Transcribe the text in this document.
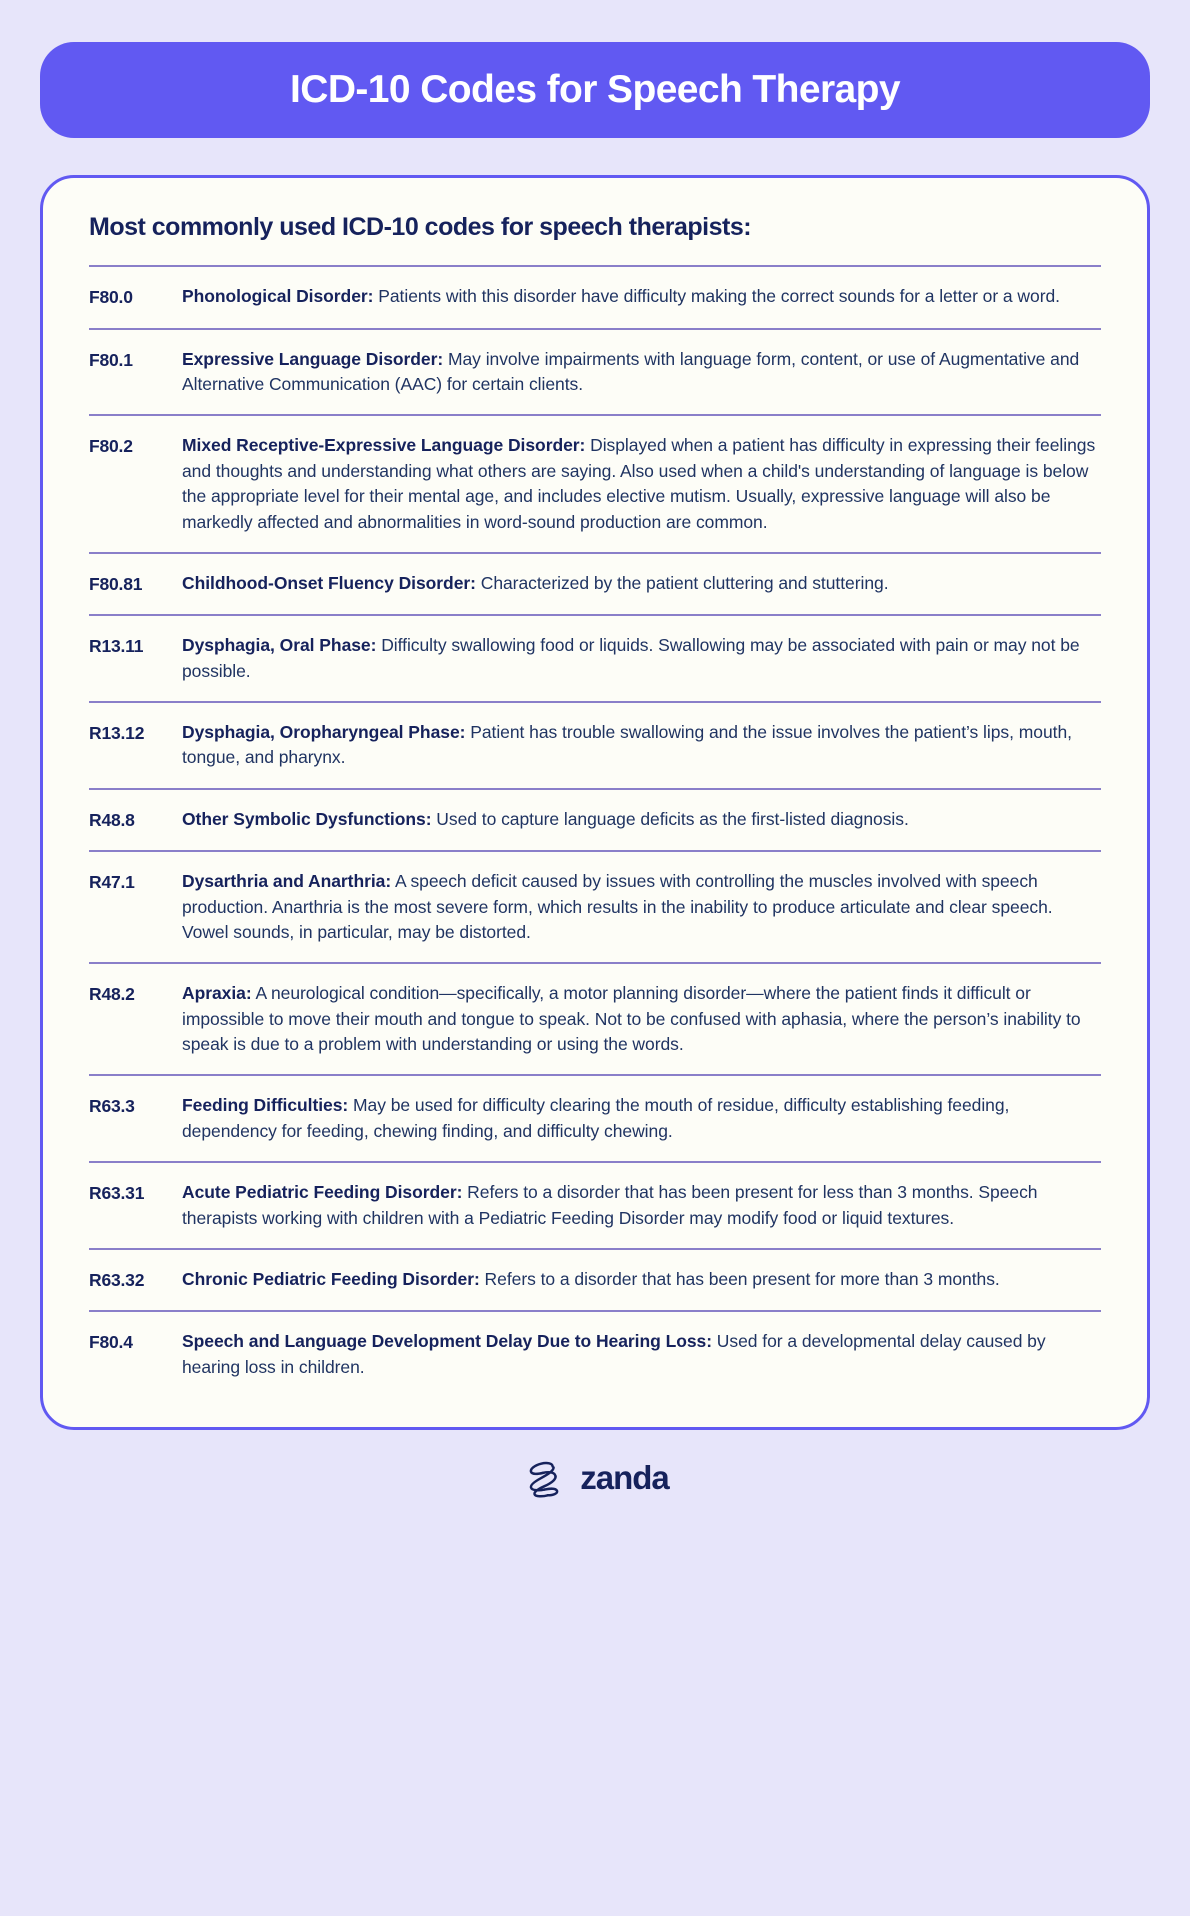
ICD-10 Codes for Speech Therapy
Most commonly used ICD-10 codes for speech therapists:
F80.0	Phonological Disorder: Patients with this disorder have difficulty making the correct sounds for a letter or a word.
F80.1	Expressive Language Disorder: May involve impairments with language form, content, or use of Augmentative and Alternative Communication (AAC) for certain clients.
F80.2	Mixed Receptive-Expressive Language Disorder: Displayed when a patient has difficulty in expressing their feelings and thoughts and understanding what others are saying. Also used when a child's understanding of language is below the appropriate level for their mental age, and includes elective mutism. Usually, expressive language will also be markedly affected and abnormalities in word-sound production are common.
F80.81	Childhood-Onset Fluency Disorder: Characterized by the patient cluttering and stuttering.
R13.11	Dysphagia, Oral Phase: Difficulty swallowing food or liquids. Swallowing may be associated with pain or may not be possible.
R13.12	Dysphagia, Oropharyngeal Phase: Patient has trouble swallowing and the issue involves the patient’s lips, mouth, tongue, and pharynx.
R48.8	Other Symbolic Dysfunctions: Used to capture language deficits as the first-listed diagnosis.
R47.1	Dysarthria and Anarthria: A speech deficit caused by issues with controlling the muscles involved with speech production. Anarthria is the most severe form, which results in the inability to produce articulate and clear speech. Vowel sounds, in particular, may be distorted.
R48.2	Apraxia: A neurological condition—specifically, a motor planning disorder—where the patient finds it difficult or impossible to move their mouth and tongue to speak. Not to be confused with aphasia, where the person’s inability to speak is due to a problem with understanding or using the words.
R63.3	Feeding Difficulties: May be used for difficulty clearing the mouth of residue, difficulty establishing feeding, dependency for feeding, chewing finding, and difficulty chewing.
R63.31	Acute Pediatric Feeding Disorder: Refers to a disorder that has been present for less than 3 months. Speech therapists working with children with a Pediatric Feeding Disorder may modify food or liquid textures.
R63.32	Chronic Pediatric Feeding Disorder: Refers to a disorder that has been present for more than 3 months.
F80.4	Speech and Language Development Delay Due to Hearing Loss: Used for a developmental delay caused by hearing loss in children.
zanda
